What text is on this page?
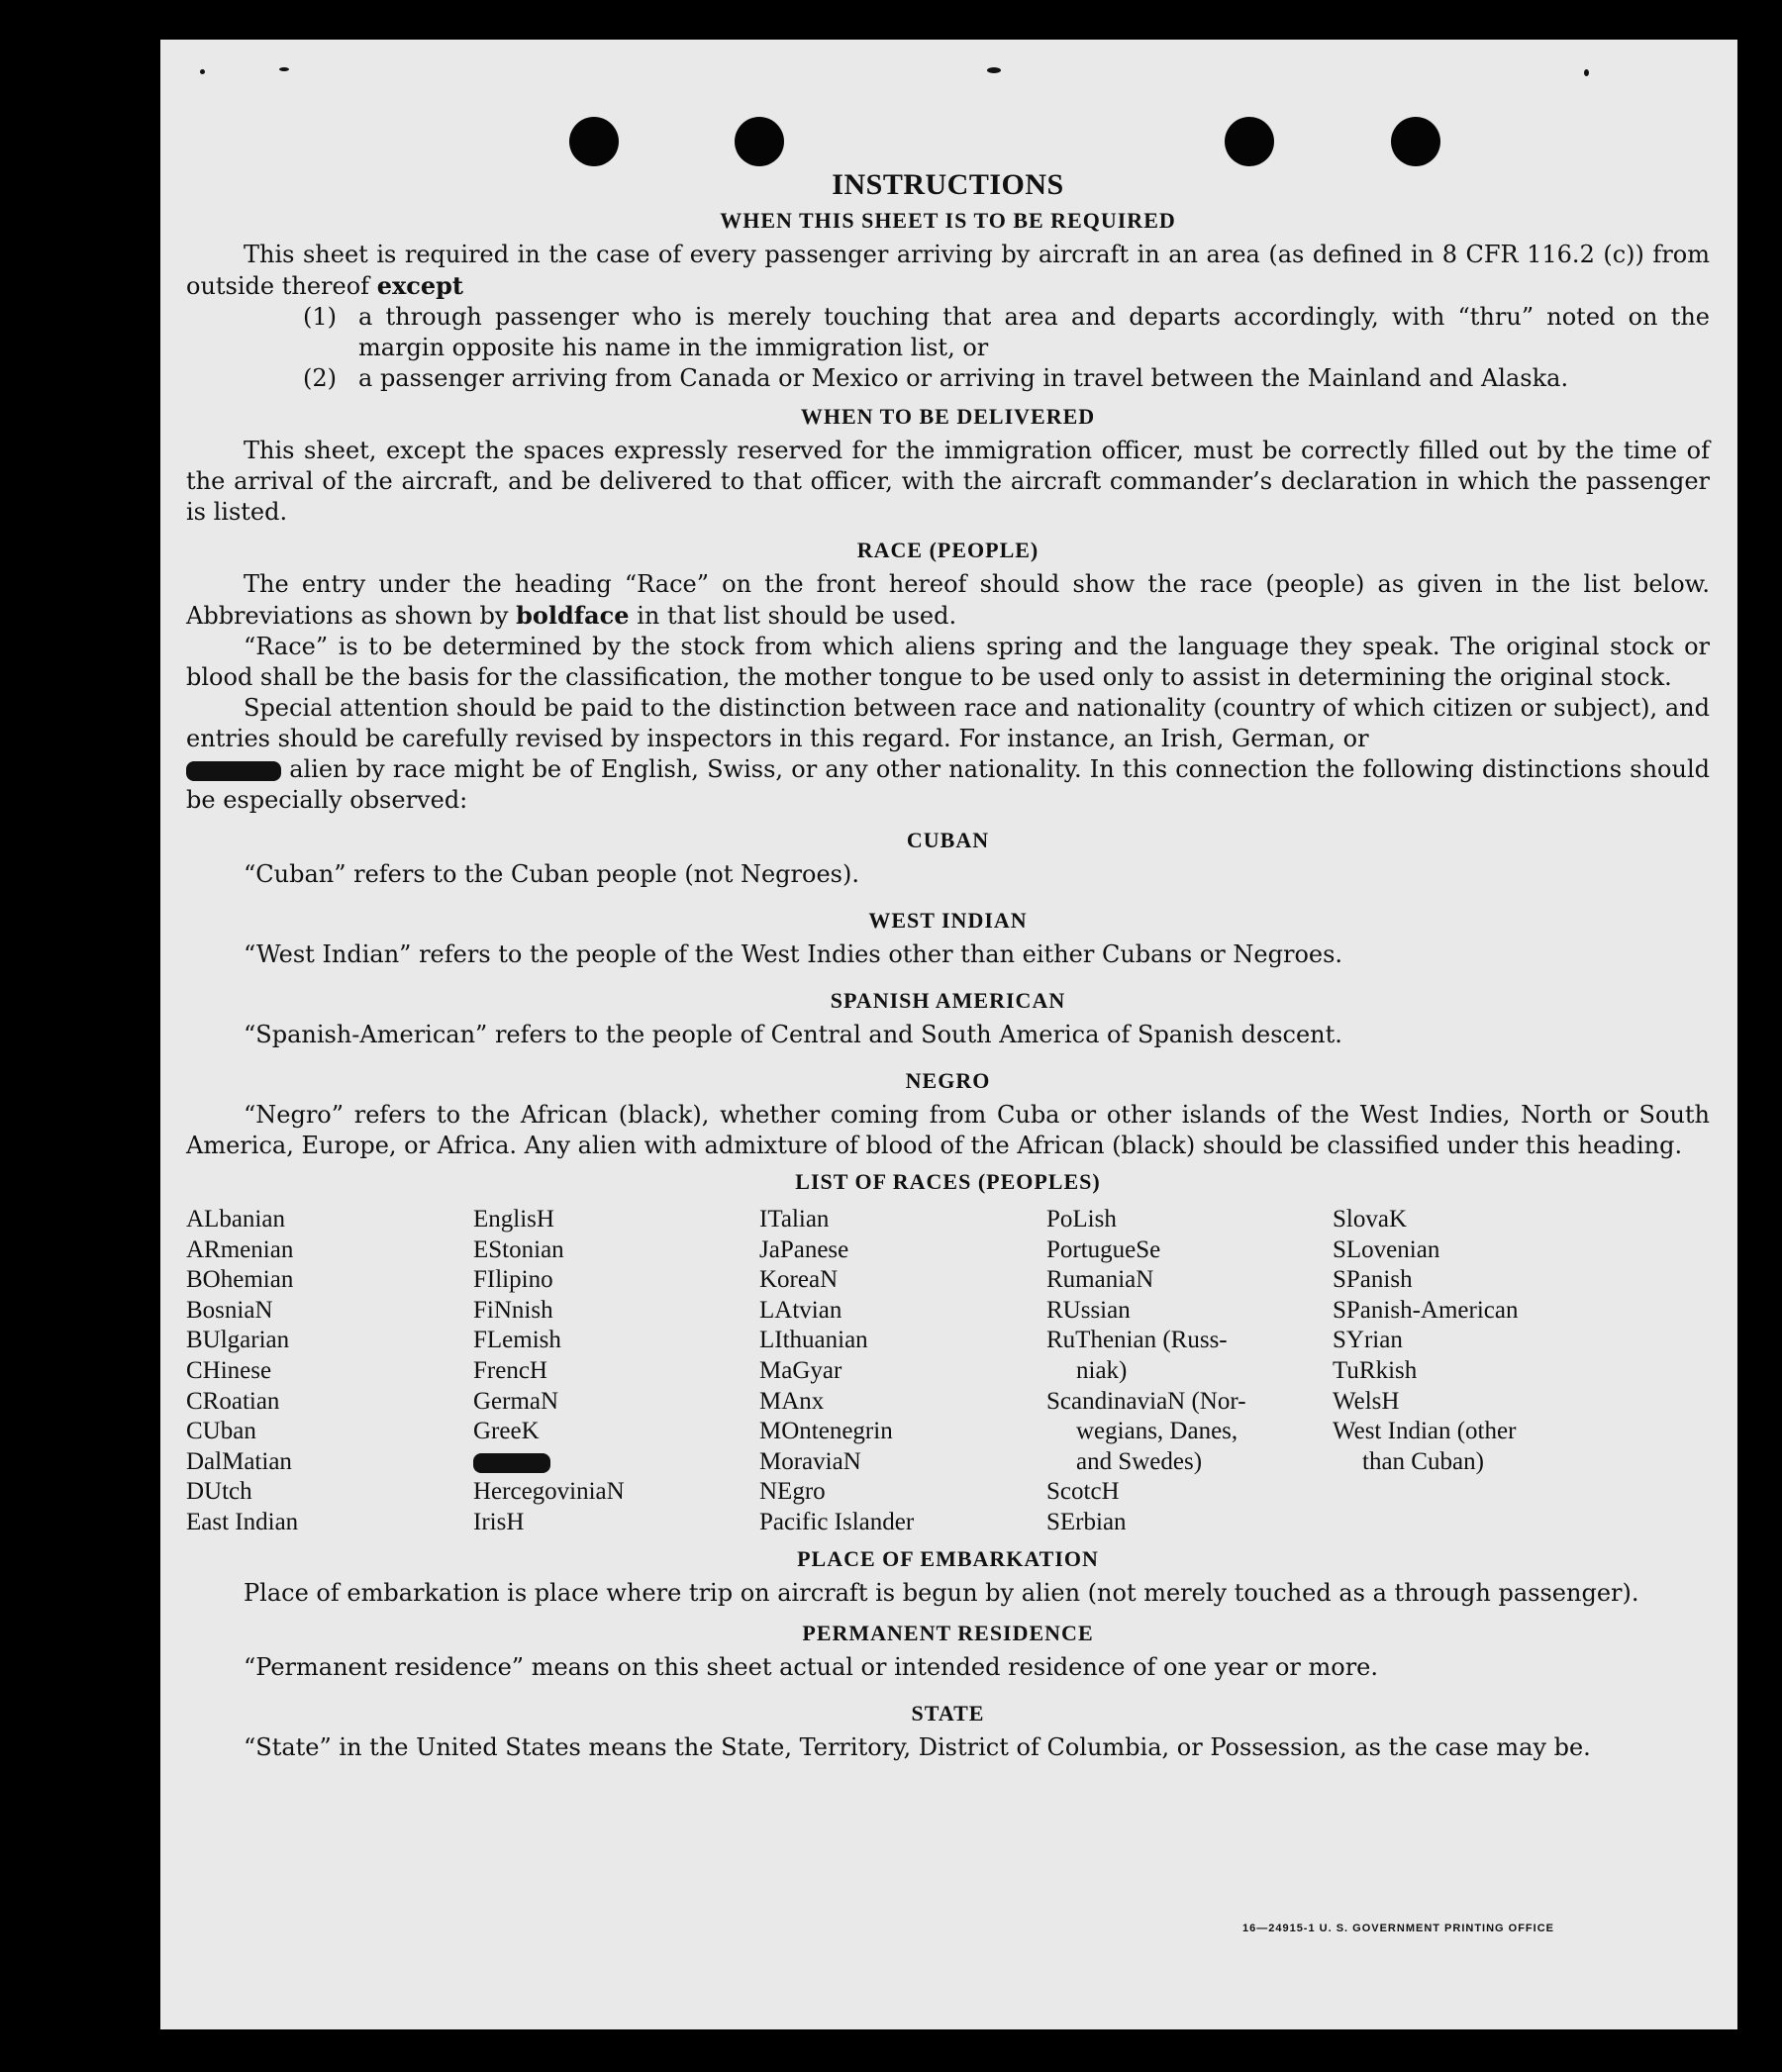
INSTRUCTIONS
WHEN THIS SHEET IS TO BE REQUIRED

This sheet is required in the case of every passenger arriving by aircraft in an area (as defined in 8 CFR 116.2 (c)) from outside thereof except

(1) a through passenger who is merely touching that area and departs accordingly, with “thru” noted on the margin opposite his name in the immigration list, or
(2) a passenger arriving from Canada or Mexico or arriving in travel between the Mainland and Alaska.
WHEN TO BE DELIVERED

This sheet, except the spaces expressly reserved for the immigration officer, must be correctly filled out by the time of the arrival of the aircraft, and be delivered to that officer, with the aircraft commander’s declaration in which the passenger is listed.

RACE (PEOPLE)

The entry under the heading “Race” on the front hereof should show the race (people) as given in the list below. Abbreviations as shown by boldface in that list should be used.

“Race” is to be determined by the stock from which aliens spring and the language they speak. The original stock or blood shall be the basis for the classification, the mother tongue to be used only to assist in determining the original stock.

Special attention should be paid to the distinction between race and nationality (country of which citizen or subject), and entries should be carefully revised by inspectors in this regard. For instance, an Irish, German, or
alien by race might be of English, Swiss, or any other nationality. In this connection the following distinctions should be especially observed:

CUBAN

“Cuban” refers to the Cuban people (not Negroes).

WEST INDIAN

“West Indian” refers to the people of the West Indies other than either Cubans or Negroes.

SPANISH AMERICAN

“Spanish-American” refers to the people of Central and South America of Spanish descent.

NEGRO

“Negro” refers to the African (black), whether coming from Cuba or other islands of the West Indies, North or South America, Europe, or Africa. Any alien with admixture of blood of the African (black) should be classified under this heading.

LIST OF RACES (PEOPLES)
ALbanian
ARmenian
BOhemian
BosniaN
BUlgarian
CHinese
CRoatian
CUban
DalMatian
DUtch
East Indian
EnglisH
EStonian
FIlipino
FiNnish
FLemish
FrencH
GermaN
GreeK
HercegoviniaN
IrisH
ITalian
JaPanese
KoreaN
LAtvian
LIthuanian
MaGyar
MAnx
MOntenegrin
MoraviaN
NEgro
Pacific Islander
PoLish
PortugueSe
RumaniaN
RUssian
RuThenian (Russ-
niak)
ScandinaviaN (Nor-
wegians, Danes,
and Swedes)
ScotcH
SErbian
SlovaK
SLovenian
SPanish
SPanish-American
SYrian
TuRkish
WelsH
West Indian (other
than Cuban)
PLACE OF EMBARKATION

Place of embarkation is place where trip on aircraft is begun by alien (not merely touched as a through passenger).

PERMANENT RESIDENCE

“Permanent residence” means on this sheet actual or intended residence of one year or more.

STATE

“State” in the United States means the State, Territory, District of Columbia, or Possession, as the case may be.

16—24915-1 U. S. GOVERNMENT PRINTING OFFICE
